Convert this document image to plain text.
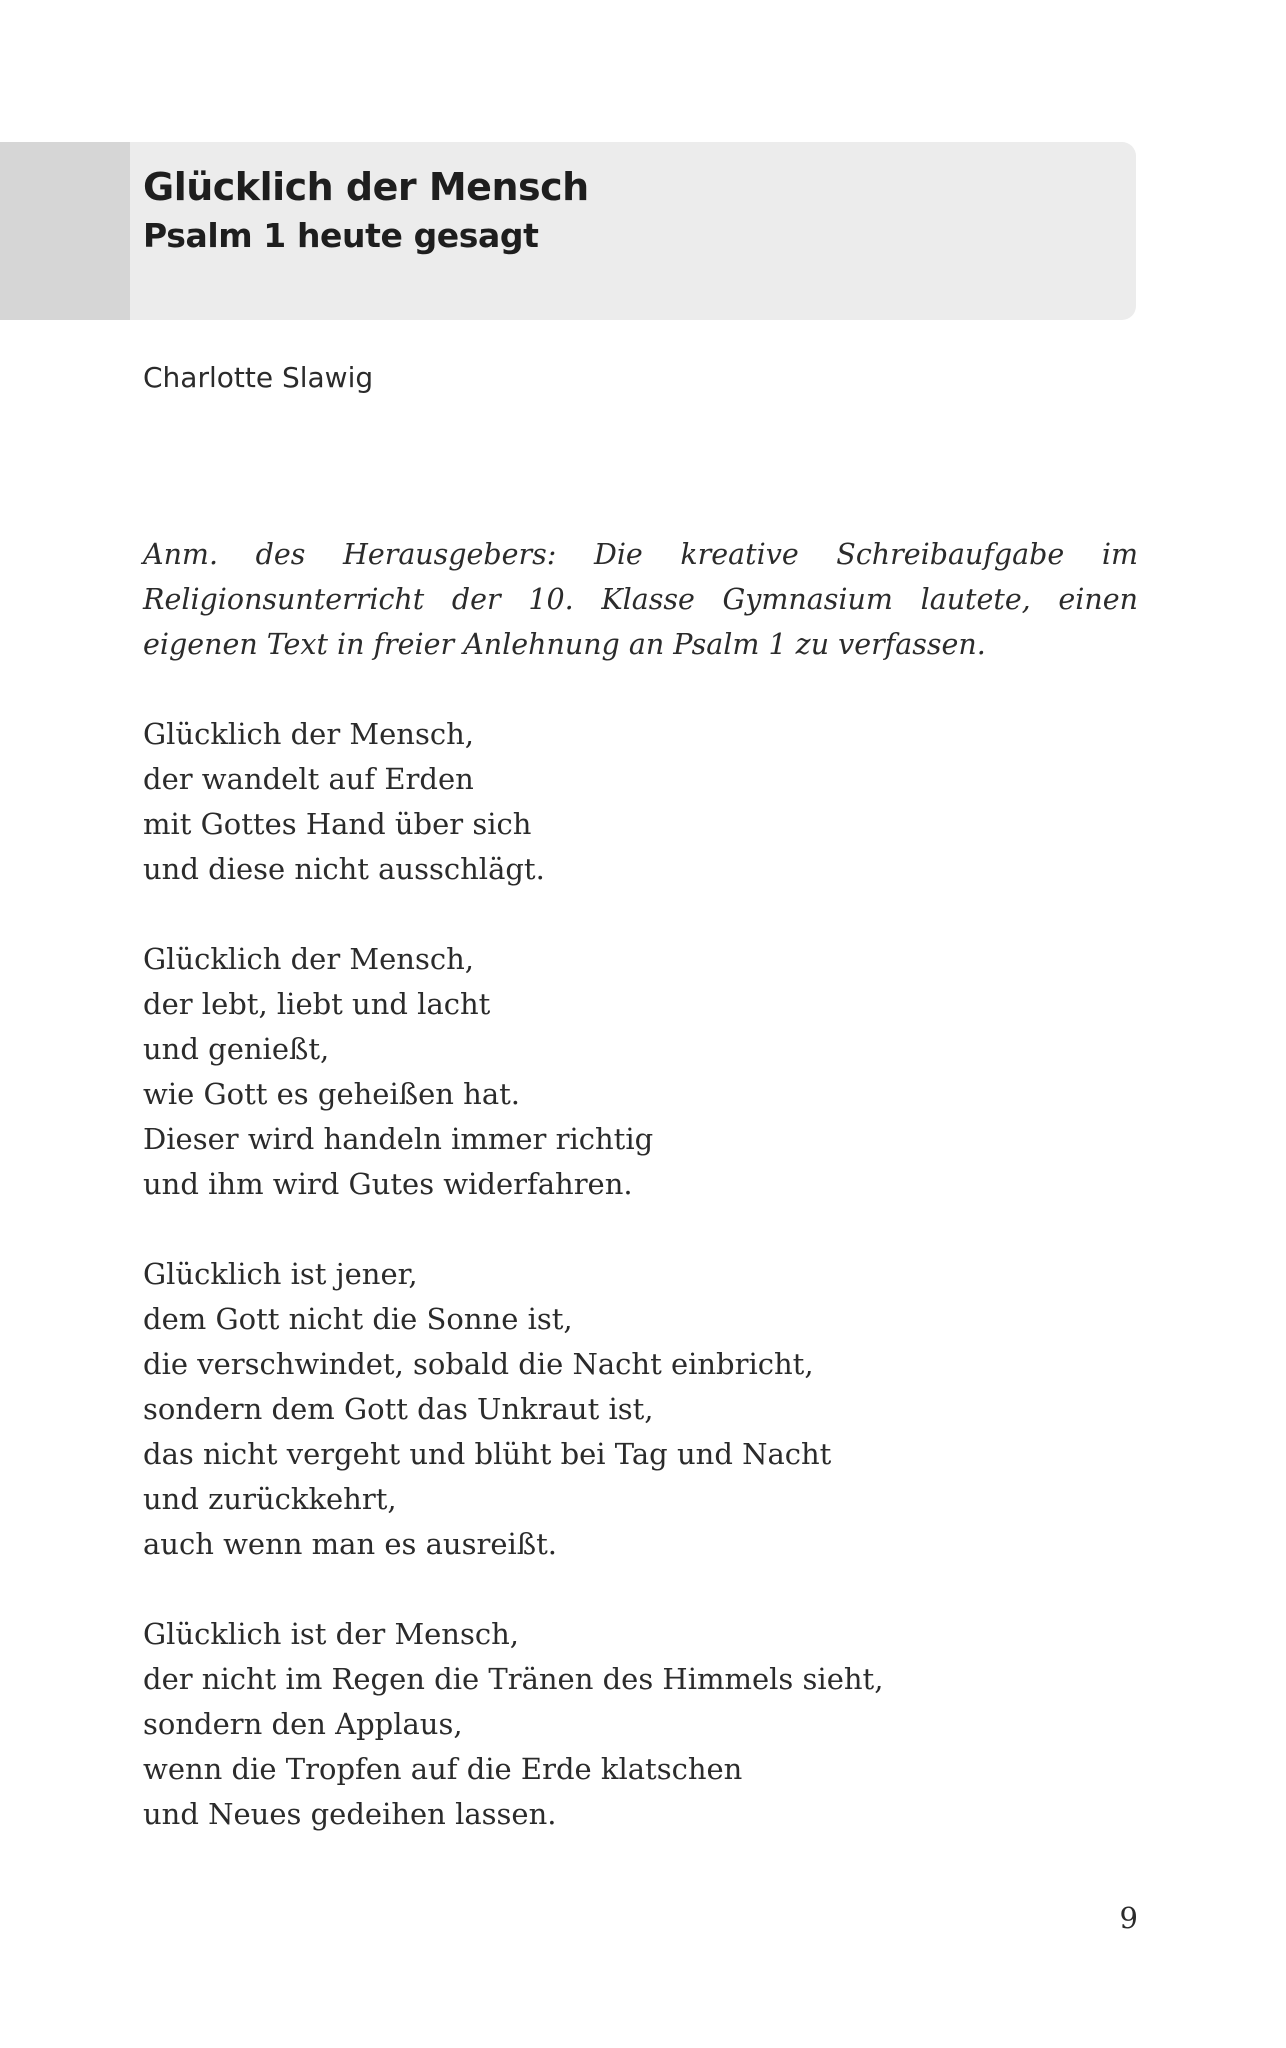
Glücklich der Mensch
Psalm 1 heute gesagt
Charlotte Slawig

Anm. des Herausgebers: Die kreative Schreibaufgabe im Religionsunterricht der 10. Klasse Gymnasium lautete, einen eigenen Text in freier Anlehnung an Psalm 1 zu verfassen.

Glücklich der Mensch,
der wandelt auf Erden
mit Gottes Hand über sich
und diese nicht ausschlägt.
Glücklich der Mensch,
der lebt, liebt und lacht
und genießt,
wie Gott es geheißen hat.
Dieser wird handeln immer richtig
und ihm wird Gutes widerfahren.
Glücklich ist jener,
dem Gott nicht die Sonne ist,
die verschwindet, sobald die Nacht einbricht,
sondern dem Gott das Unkraut ist,
das nicht vergeht und blüht bei Tag und Nacht
und zurückkehrt,
auch wenn man es ausreißt.
Glücklich ist der Mensch,
der nicht im Regen die Tränen des Himmels sieht,
sondern den Applaus,
wenn die Tropfen auf die Erde klatschen
und Neues gedeihen lassen.
9
